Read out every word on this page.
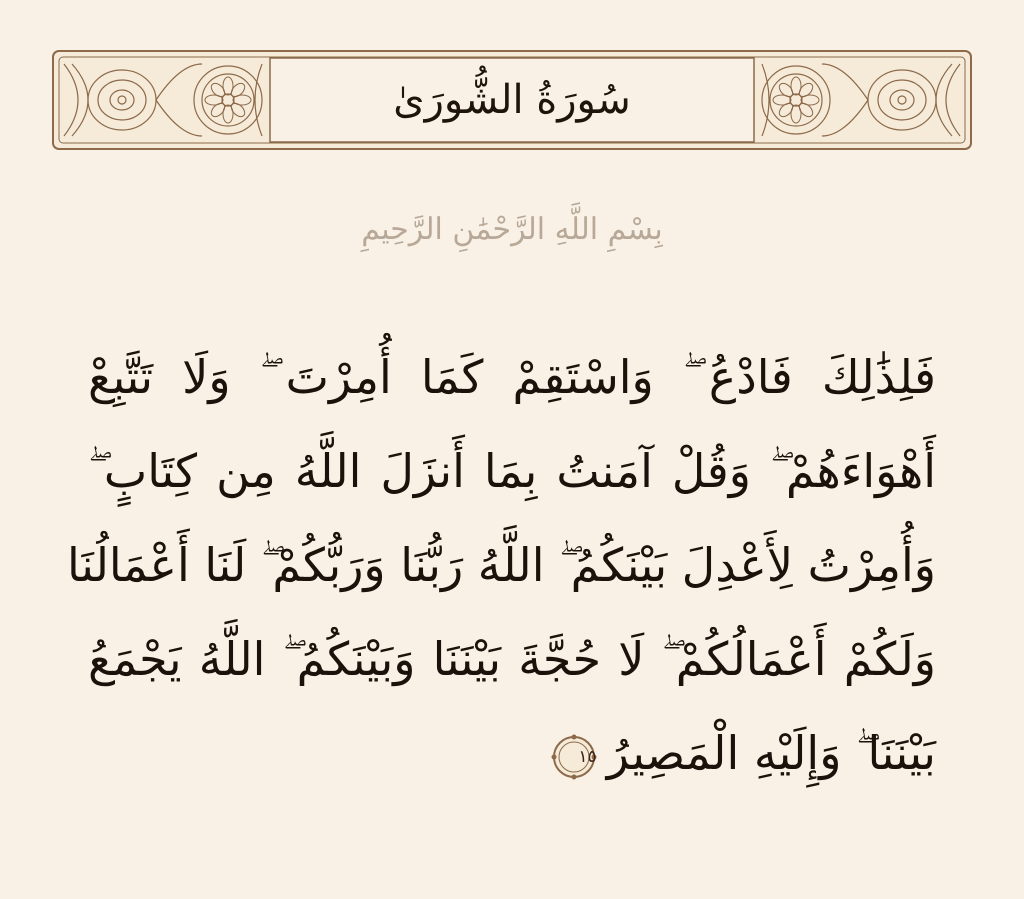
سُورَةُ الشُّورَىٰ
بِسْمِ اللَّهِ الرَّحْمَٰنِ الرَّحِيمِ
فَلِذَٰلِكَ فَادْعُ ۖ وَاسْتَقِمْ كَمَا أُمِرْتَ ۖ وَلَا تَتَّبِعْ
أَهْوَاءَهُمْ ۖ وَقُلْ آمَنتُ بِمَا أَنزَلَ اللَّهُ مِن كِتَابٍ ۖ
وَأُمِرْتُ لِأَعْدِلَ بَيْنَكُمُ ۖ اللَّهُ رَبُّنَا وَرَبُّكُمْ ۖ لَنَا أَعْمَالُنَا
وَلَكُمْ أَعْمَالُكُمْ ۖ لَا حُجَّةَ بَيْنَنَا وَبَيْنَكُمُ ۖ اللَّهُ يَجْمَعُ
بَيْنَنَا ۖ وَإِلَيْهِ الْمَصِيرُ
١٥
